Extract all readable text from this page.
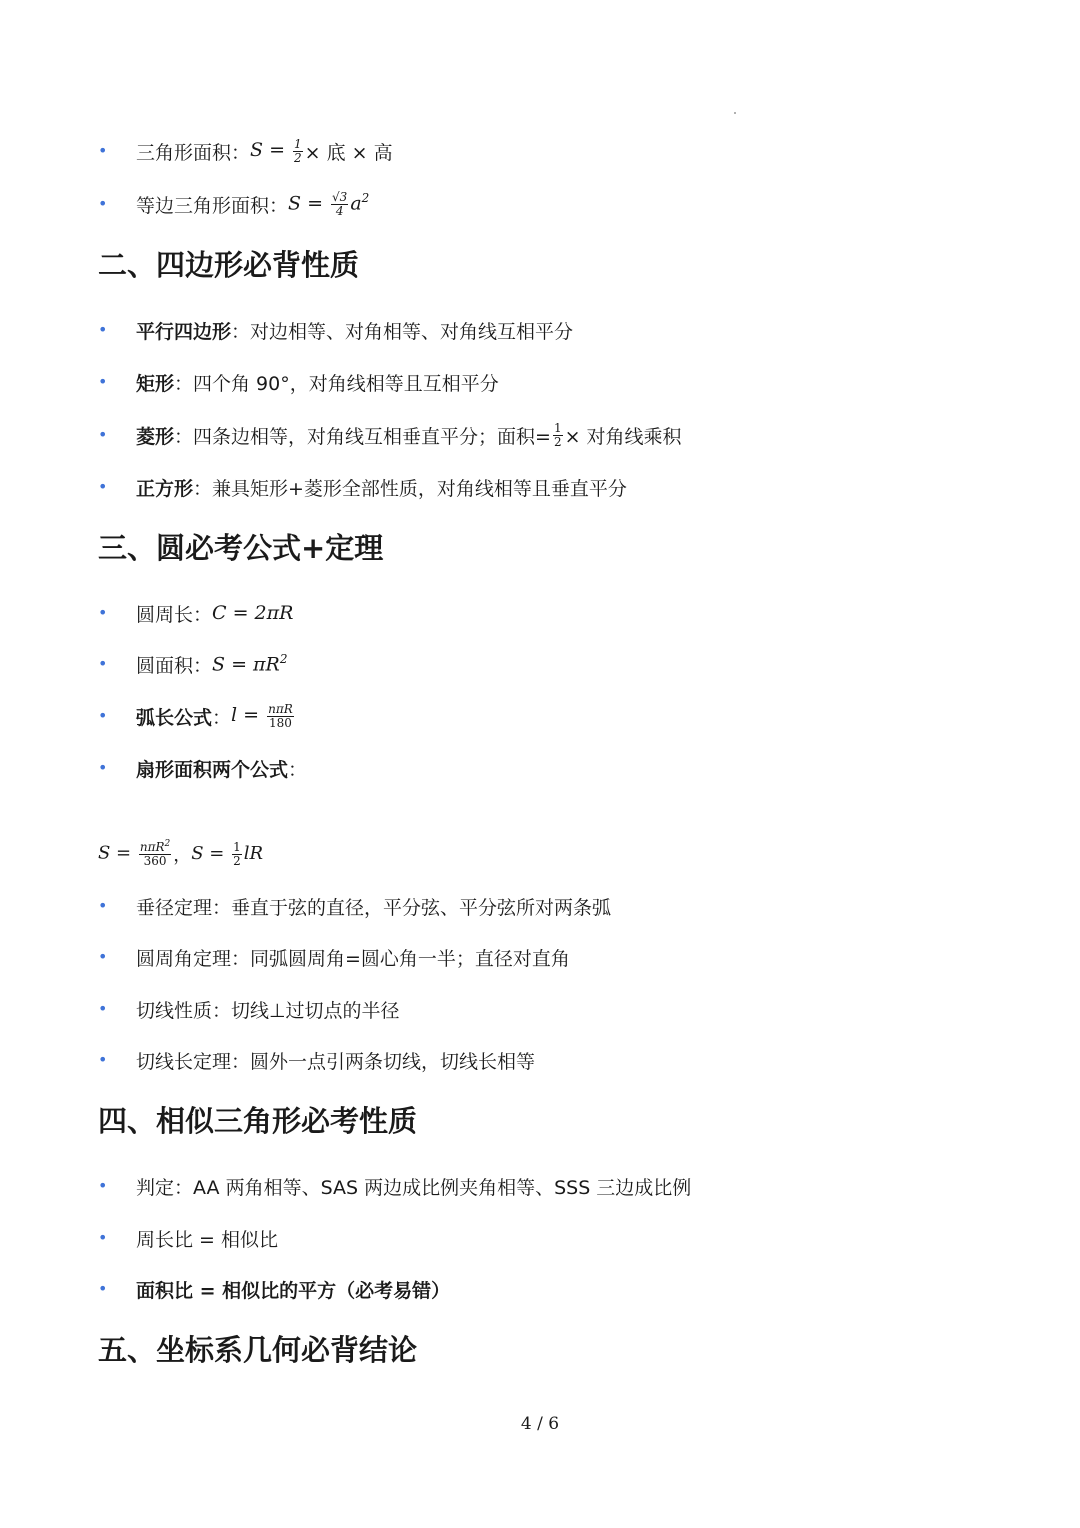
•	三角形面积： $S = \frac{1}{2}$ × 底 × 高
•	等边三角形面积： $S = \frac{√3}{4} a^2$
二、四边形必背性质
•	平行四边形 ：对边相等、对角相等、对角线互相平分
•	矩形 ：四个角 90°，对角线相等且互相平分
•	菱形 ：四条边相等，对角线互相垂直平分；面积= $\frac{1}{2}$ × 对角线乘积
•	正方形 ：兼具矩形+菱形全部性质，对角线相等且垂直平分
三、圆必考公式+定理
•	圆周长： C = 2πR
•	圆面积： $S = \pi R^2$
•	弧长公式 ： $l = \frac{\text{nπR}}{180}$
•	扇形面积两个公式 ：
$S = \frac{n\pi R^2}{360}$ ， $S = \frac{1}{2}$ lR
•	垂径定理：垂直于弦的直径，平分弦、平分弦所对两条弧
•	圆周角定理：同弧圆周角=圆心角一半；直径对直角
•	切线性质：切线⊥过切点的半径
•	切线长定理：圆外一点引两条切线，切线长相等
四、相似三角形必考性质
•	判定：AA 两角相等、SAS 两边成比例夹角相等、SSS 三边成比例
•	周长比 = 相似比
•	面积比 = 相似比的平方（必考易错）
五、坐标系几何必背结论
4 / 6
